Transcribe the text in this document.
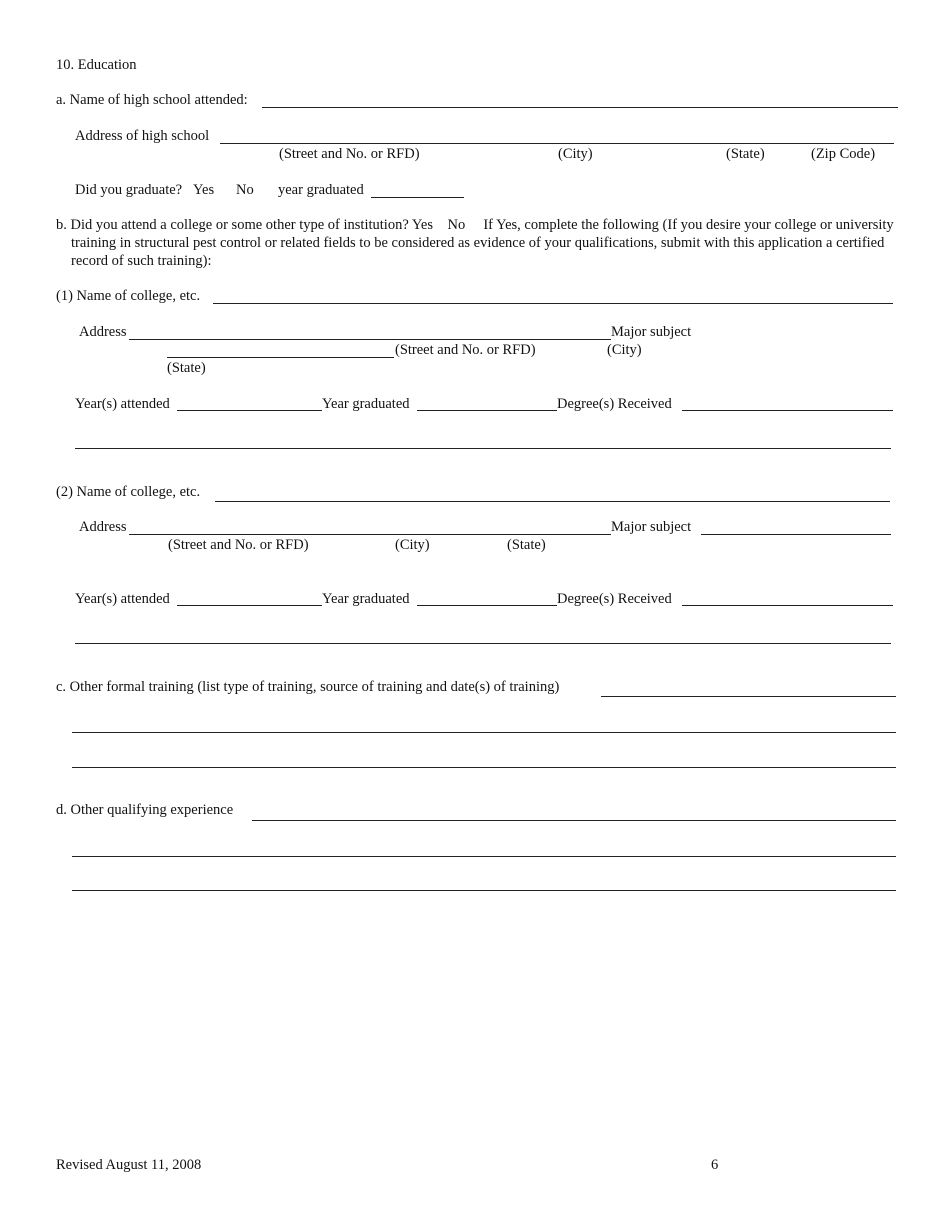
10. Education
a. Name of high school attended:
Address of high school
(Street and No. or RFD)	(City)	(State)	(Zip Code)
Did you graduate? Yes No year graduated
b. Did you attend a college or some other type of institution? Yes No If Yes, complete the following (If you desire your college or university training in structural pest control or related fields to be considered as evidence of your qualifications, submit with this application a certified record of such training):
(1) Name of college, etc.
Address	Major subject
(Street and No. or RFD)	(City)
(State)
Year(s) attended	Year graduated	Degree(s) Received
(2) Name of college, etc.
Address	Major subject
(Street and No. or RFD)	(City)	(State)
Year(s) attended	Year graduated	Degree(s) Received
c. Other formal training (list type of training, source of training and date(s) of training)
d. Other qualifying experience
Revised August 11, 2008	6
